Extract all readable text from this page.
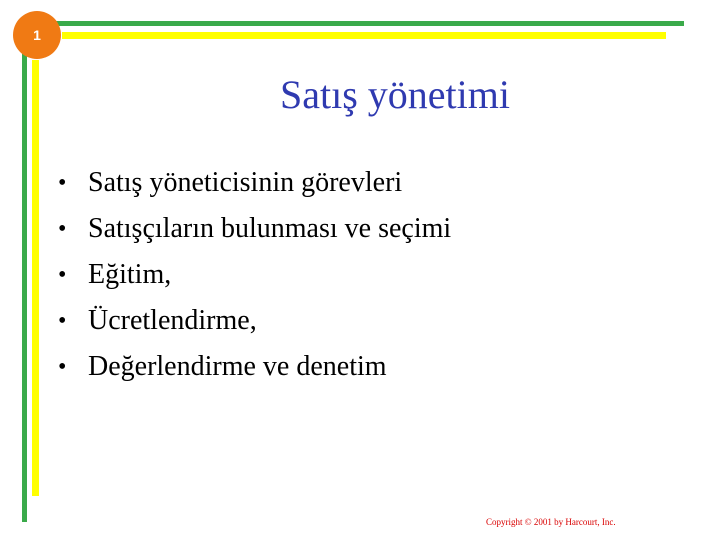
1
Satış yönetimi
• Satış yöneticisinin görevleri
• Satışçıların bulunması ve seçimi
• Eğitim,
• Ücretlendirme,
• Değerlendirme ve denetim
Copyright © 2001 by Harcourt, Inc.
